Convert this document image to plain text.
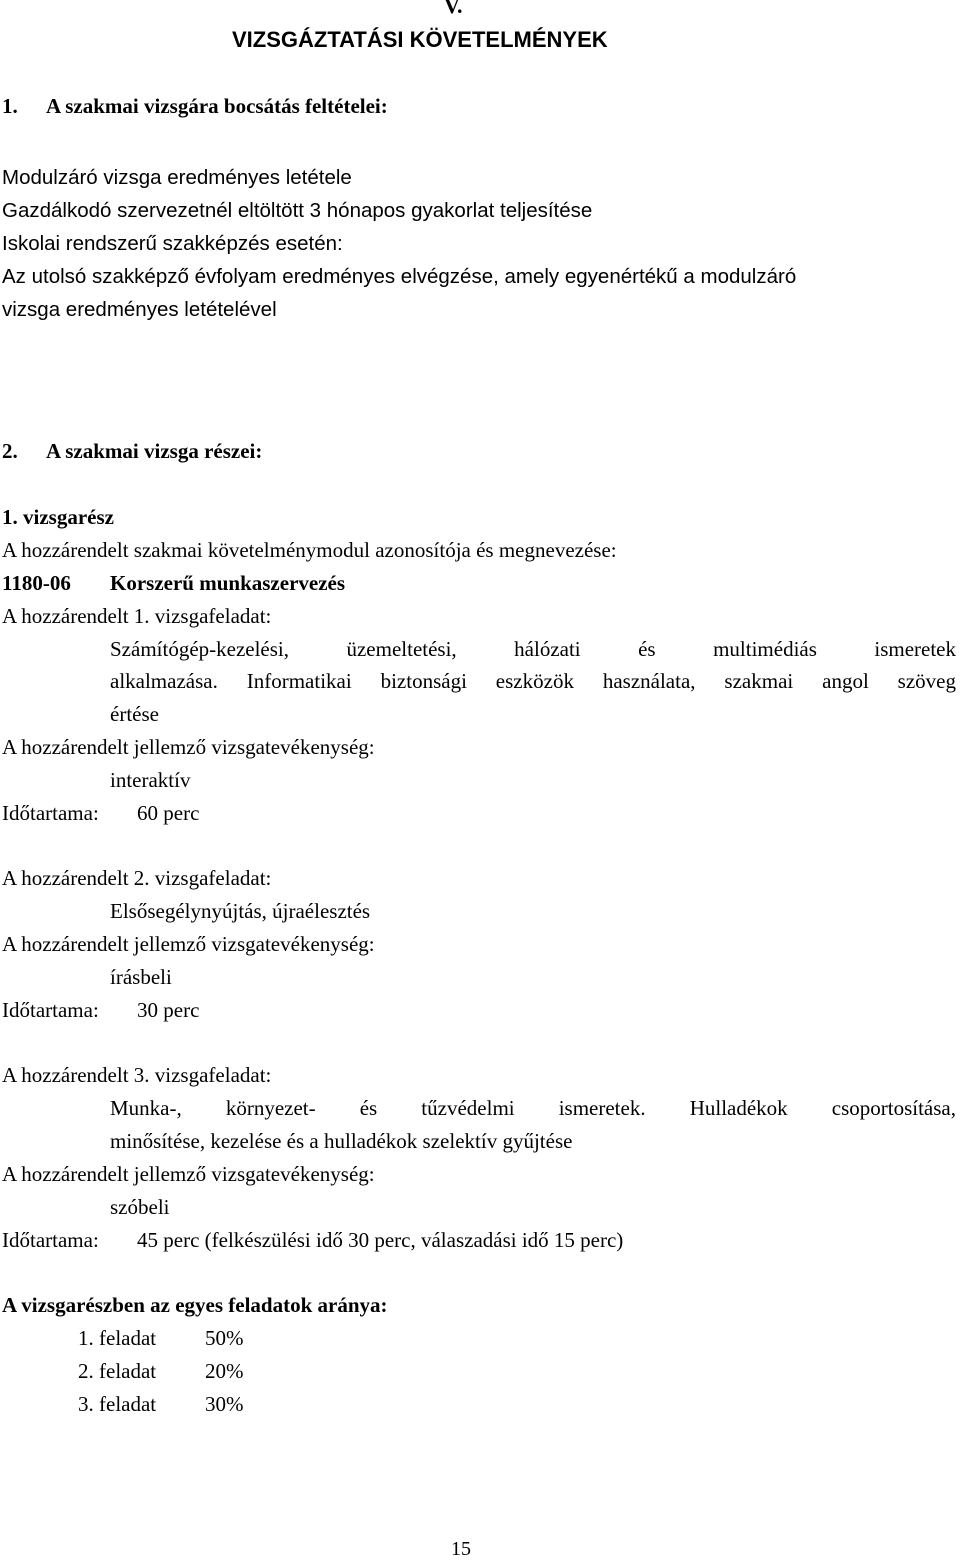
V.
VIZSGÁZTATÁSI KÖVETELMÉNYEK
1. A szakmai vizsgára bocsátás feltételei:
Modulzáró vizsga eredményes letétele
Gazdálkodó szervezetnél eltöltött 3 hónapos gyakorlat teljesítése
Iskolai rendszerű szakképzés esetén:
Az utolsó szakképző évfolyam eredményes elvégzése, amely egyenértékű a modulzáró
vizsga eredményes letételével
2. A szakmai vizsga részei:
1. vizsgarész
A hozzárendelt szakmai követelménymodul azonosítója és megnevezése:
1180-06 Korszerű munkaszervezés
A hozzárendelt 1. vizsgafeladat:
Számítógép-kezelési, üzemeltetési, hálózati és multimédiás ismeretek
alkalmazása. Informatikai biztonsági eszközök használata, szakmai angol szöveg
értése
A hozzárendelt jellemző vizsgatevékenység:
interaktív
Időtartama: 60 perc
A hozzárendelt 2. vizsgafeladat:
Elsősegélynyújtás, újraélesztés
A hozzárendelt jellemző vizsgatevékenység:
írásbeli
Időtartama: 30 perc
A hozzárendelt 3. vizsgafeladat:
Munka-, környezet- és tűzvédelmi ismeretek. Hulladékok csoportosítása,
minősítése, kezelése és a hulladékok szelektív gyűjtése
A hozzárendelt jellemző vizsgatevékenység:
szóbeli
Időtartama: 45 perc (felkészülési idő 30 perc, válaszadási idő 15 perc)
A vizsgarészben az egyes feladatok aránya:
1. feladat 50%
2. feladat 20%
3. feladat 30%
15
